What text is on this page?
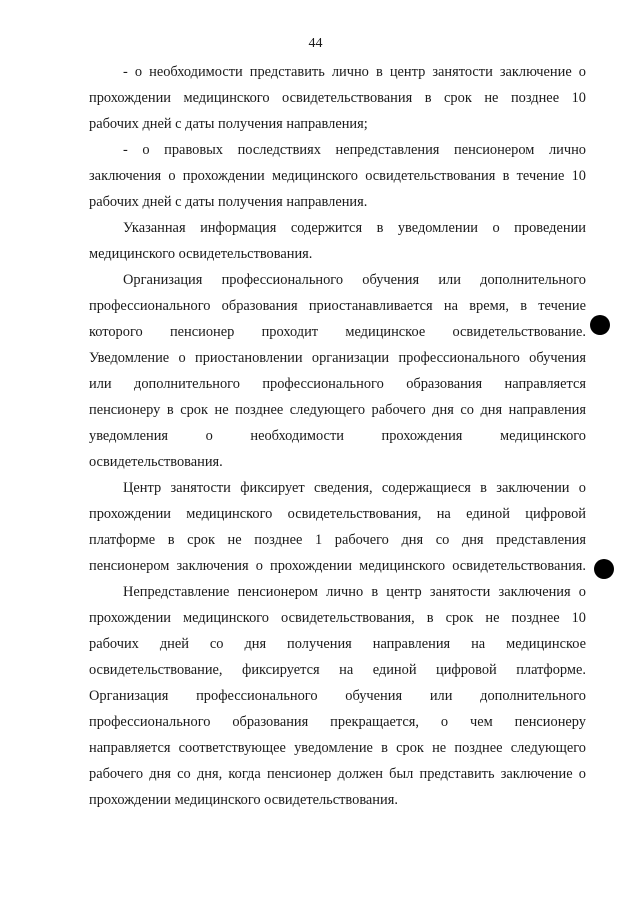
44
- о необходимости представить лично в центр занятости заключение о
прохождении медицинского освидетельствования в срок не позднее 10
рабочих дней с даты получения направления;
- о правовых последствиях непредставления пенсионером лично
заключения о прохождении медицинского освидетельствования в течение 10
рабочих дней с даты получения направления.
Указанная информация содержится в уведомлении о проведении
медицинского освидетельствования.
Организация профессионального обучения или дополнительного
профессионального образования приостанавливается на время, в течение
которого пенсионер проходит медицинское освидетельствование.
Уведомление о приостановлении организации профессионального обучения
или дополнительного профессионального образования направляется
пенсионеру в срок не позднее следующего рабочего дня со дня направления
уведомления о необходимости прохождения медицинского
освидетельствования.
Центр занятости фиксирует сведения, содержащиеся в заключении о
прохождении медицинского освидетельствования, на единой цифровой
платформе в срок не позднее 1 рабочего дня со дня представления
пенсионером заключения о прохождении медицинского освидетельствования.
Непредставление пенсионером лично в центр занятости заключения о
прохождении медицинского освидетельствования, в срок не позднее 10
рабочих дней со дня получения направления на медицинское
освидетельствование, фиксируется на единой цифровой платформе.
Организация профессионального обучения или дополнительного
профессионального образования прекращается, о чем пенсионеру
направляется соответствующее уведомление в срок не позднее следующего
рабочего дня со дня, когда пенсионер должен был представить заключение о
прохождении медицинского освидетельствования.
